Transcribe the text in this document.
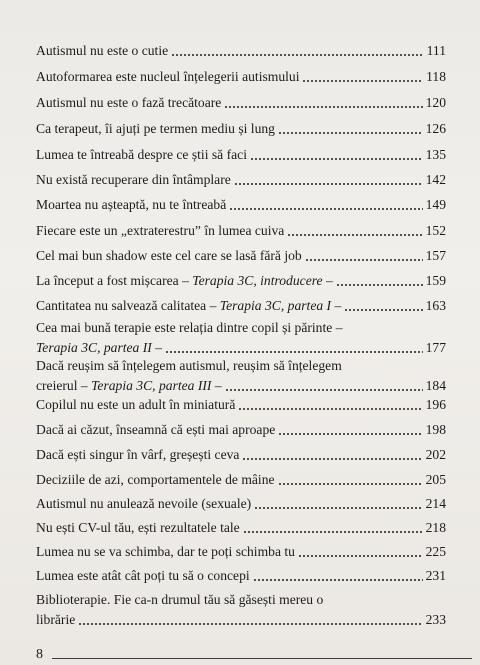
Autismul nu este o cutie	111
Autoformarea este nucleul înțelegerii autismului	118
Autismul nu este o fază trecătoare	120
Ca terapeut, îi ajuți pe termen mediu și lung	126
Lumea te întreabă despre ce știi să faci	135
Nu există recuperare din întâmplare	142
Moartea nu așteaptă, nu te întreabă	149
Fiecare este un „extraterestru” în lumea cuiva	152
Cel mai bun shadow este cel care se lasă fără job	157
La început a fost mișcarea – Terapia 3C, introducere –	159
Cantitatea nu salvează calitatea – Terapia 3C, partea I –	163
Cea mai bună terapie este relația dintre copil și părinte –
Terapia 3C, partea II –	177
Dacă reușim să înțelegem autismul, reușim să înțelegem
creierul – Terapia 3C, partea III –	184
Copilul nu este un adult în miniatură	196
Dacă ai căzut, înseamnă că ești mai aproape	198
Dacă ești singur în vârf, greșești ceva	202
Deciziile de azi, comportamentele de mâine	205
Autismul nu anulează nevoile (sexuale)	214
Nu ești CV-ul tău, ești rezultatele tale	218
Lumea nu se va schimba, dar te poți schimba tu	225
Lumea este atât cât poți tu să o concepi	231
Biblioterapie. Fie ca-n drumul tău să găsești mereu o
librărie	233
8
